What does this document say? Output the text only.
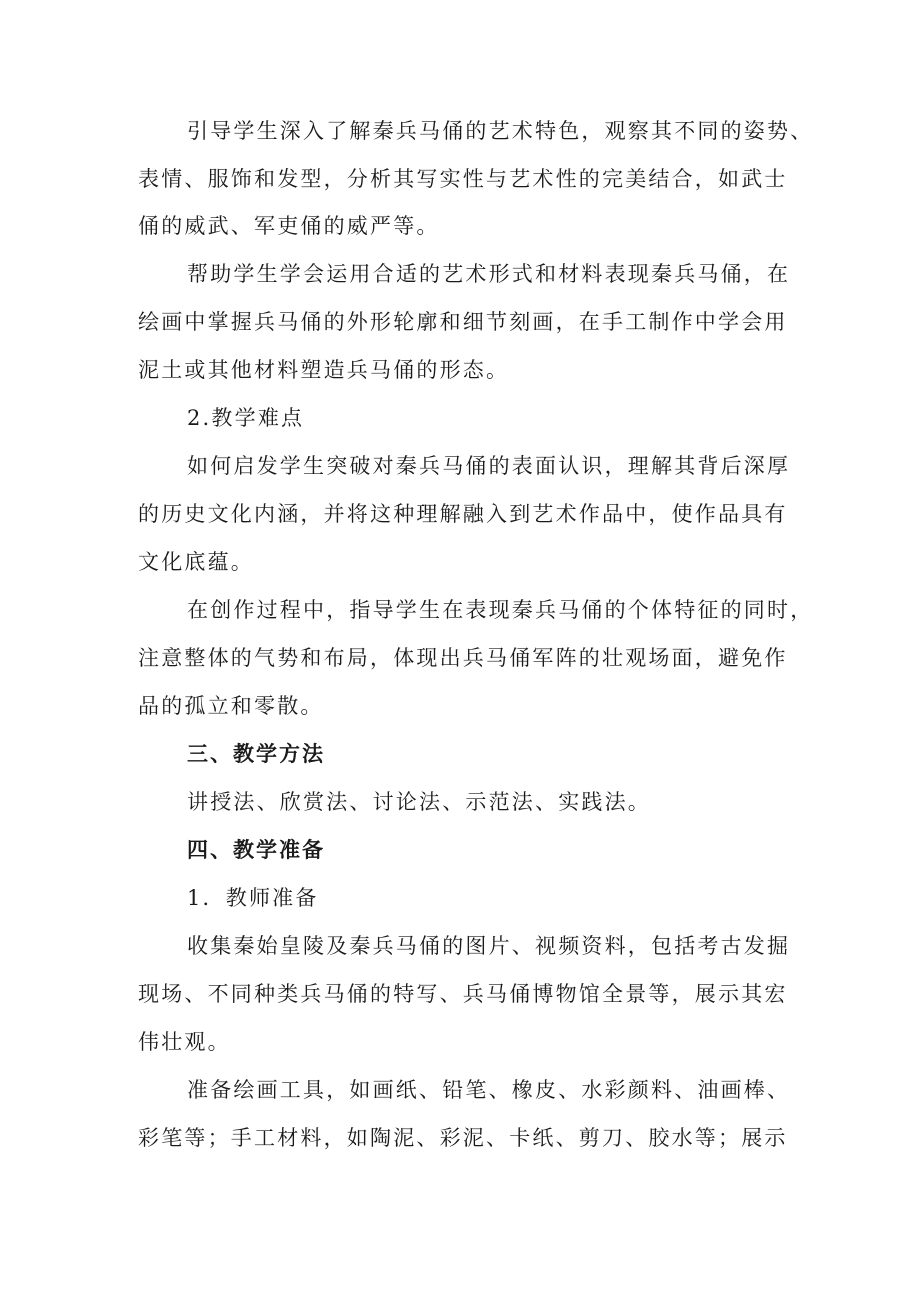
引导学生深入了解秦兵马俑的艺术特色，观察其不同的姿势、
表情、服饰和发型，分析其写实性与艺术性的完美结合，如武士
俑的威武、军吏俑的威严等。
帮助学生学会运用合适的艺术形式和材料表现秦兵马俑，在
绘画中掌握兵马俑的外形轮廓和细节刻画，在手工制作中学会用
泥土或其他材料塑造兵马俑的形态。
2.教学难点
如何启发学生突破对秦兵马俑的表面认识，理解其背后深厚
的历史文化内涵，并将这种理解融入到艺术作品中，使作品具有
文化底蕴。
在创作过程中，指导学生在表现秦兵马俑的个体特征的同时，
注意整体的气势和布局，体现出兵马俑军阵的壮观场面，避免作
品的孤立和零散。
三、教学方法
讲授法、欣赏法、讨论法、示范法、实践法。
四、教学准备
1．教师准备
收集秦始皇陵及秦兵马俑的图片、视频资料，包括考古发掘
现场、不同种类兵马俑的特写、兵马俑博物馆全景等，展示其宏
伟壮观。
准备绘画工具，如画纸、铅笔、橡皮、水彩颜料、油画棒、
彩笔等；手工材料，如陶泥、彩泥、卡纸、剪刀、胶水等；展示
